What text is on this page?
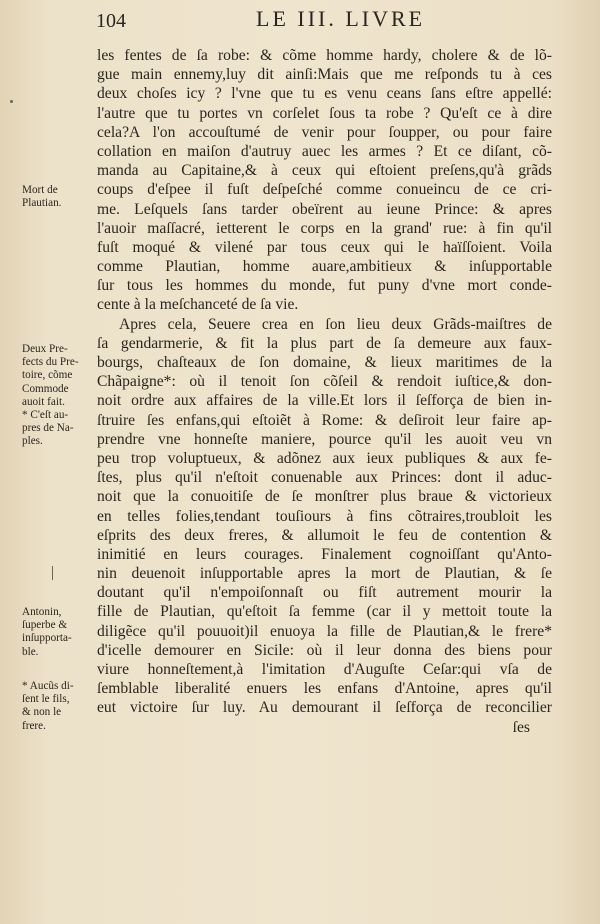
104	LE III. LIVRE
Mort de
Plautian.
Deux Pre-
fects du Pre-
toire, cõme
Commode
auoit fait.
* C'eſt au-
pres de Na-
ples.
Antonin,
ſuperbe &
inſupporta-
ble.
* Aucũs di-
ſent le fils,
& non le
frere.
les fentes de ſa robe: & cõme homme hardy, cholere & de lõ-
gue main ennemy,luy dit ainſi:Mais que me reſponds tu à ces
deux choſes icy ? l'vne que tu es venu ceans ſans eſtre appellé:
l'autre que tu portes vn corſelet ſous ta robe ? Qu'eſt ce à dire
cela?A l'on accouſtumé de venir pour ſoupper, ou pour faire
collation en maiſon d'autruy auec les armes ? Et ce diſant, cõ-
manda au Capitaine,& à ceux qui eſtoient preſens,qu'à grãds
coups d'eſpee il fuſt deſpeſché comme conueincu de ce cri-
me. Leſquels ſans tarder obeïrent au ieune Prince: & apres
l'auoir maſſacré, ietterent le corps en la grand' rue: à fin qu'il
fuſt moqué & vilené par tous ceux qui le haïſſoient. Voila
comme Plautian, homme auare,ambitieux & inſupportable
ſur tous les hommes du monde, fut puny d'vne mort conde-
cente à la meſchanceté de ſa vie.
Apres cela, Seuere crea en ſon lieu deux Grãds-maiſtres de
ſa gendarmerie, & fit la plus part de ſa demeure aux faux-
bourgs, chaſteaux de ſon domaine, & lieux maritimes de la
Chãpaigne*: où il tenoit ſon cõſeil & rendoit iuſtice,& don-
noit ordre aux affaires de la ville.Et lors il ſeſforça de bien in-
ſtruire ſes enfans,qui eſtoiẽt à Rome: & deſiroit leur faire ap-
prendre vne honneſte maniere, pource qu'il les auoit veu vn
peu trop voluptueux, & adõnez aux ieux publiques & aux fe-
ſtes, plus qu'il n'eſtoit conuenable aux Princes: dont il aduc-
noit que la conuoitiſe de ſe monſtrer plus braue & victorieux
en telles folies,tendant touſiours à fins cõtraires,troubloit les
eſprits des deux freres, & allumoit le feu de contention &
inimitié en leurs courages. Finalement cognoiſſant qu'Anto-
nin deuenoit inſupportable apres la mort de Plautian, & ſe
doutant qu'il n'empoiſonnaſt ou fiſt autrement mourir la
fille de Plautian, qu'eſtoit ſa femme (car il y mettoit toute la
diligẽce qu'il pouuoit)il enuoya la fille de Plautian,& le frere*
d'icelle demourer en Sicile: où il leur donna des biens pour
viure honneſtement,à l'imitation d'Auguſte Ceſar:qui vſa de
ſemblable liberalité enuers les enfans d'Antoine, apres qu'il
eut victoire ſur luy. Au demourant il ſeſforça de reconcilier
ſes
